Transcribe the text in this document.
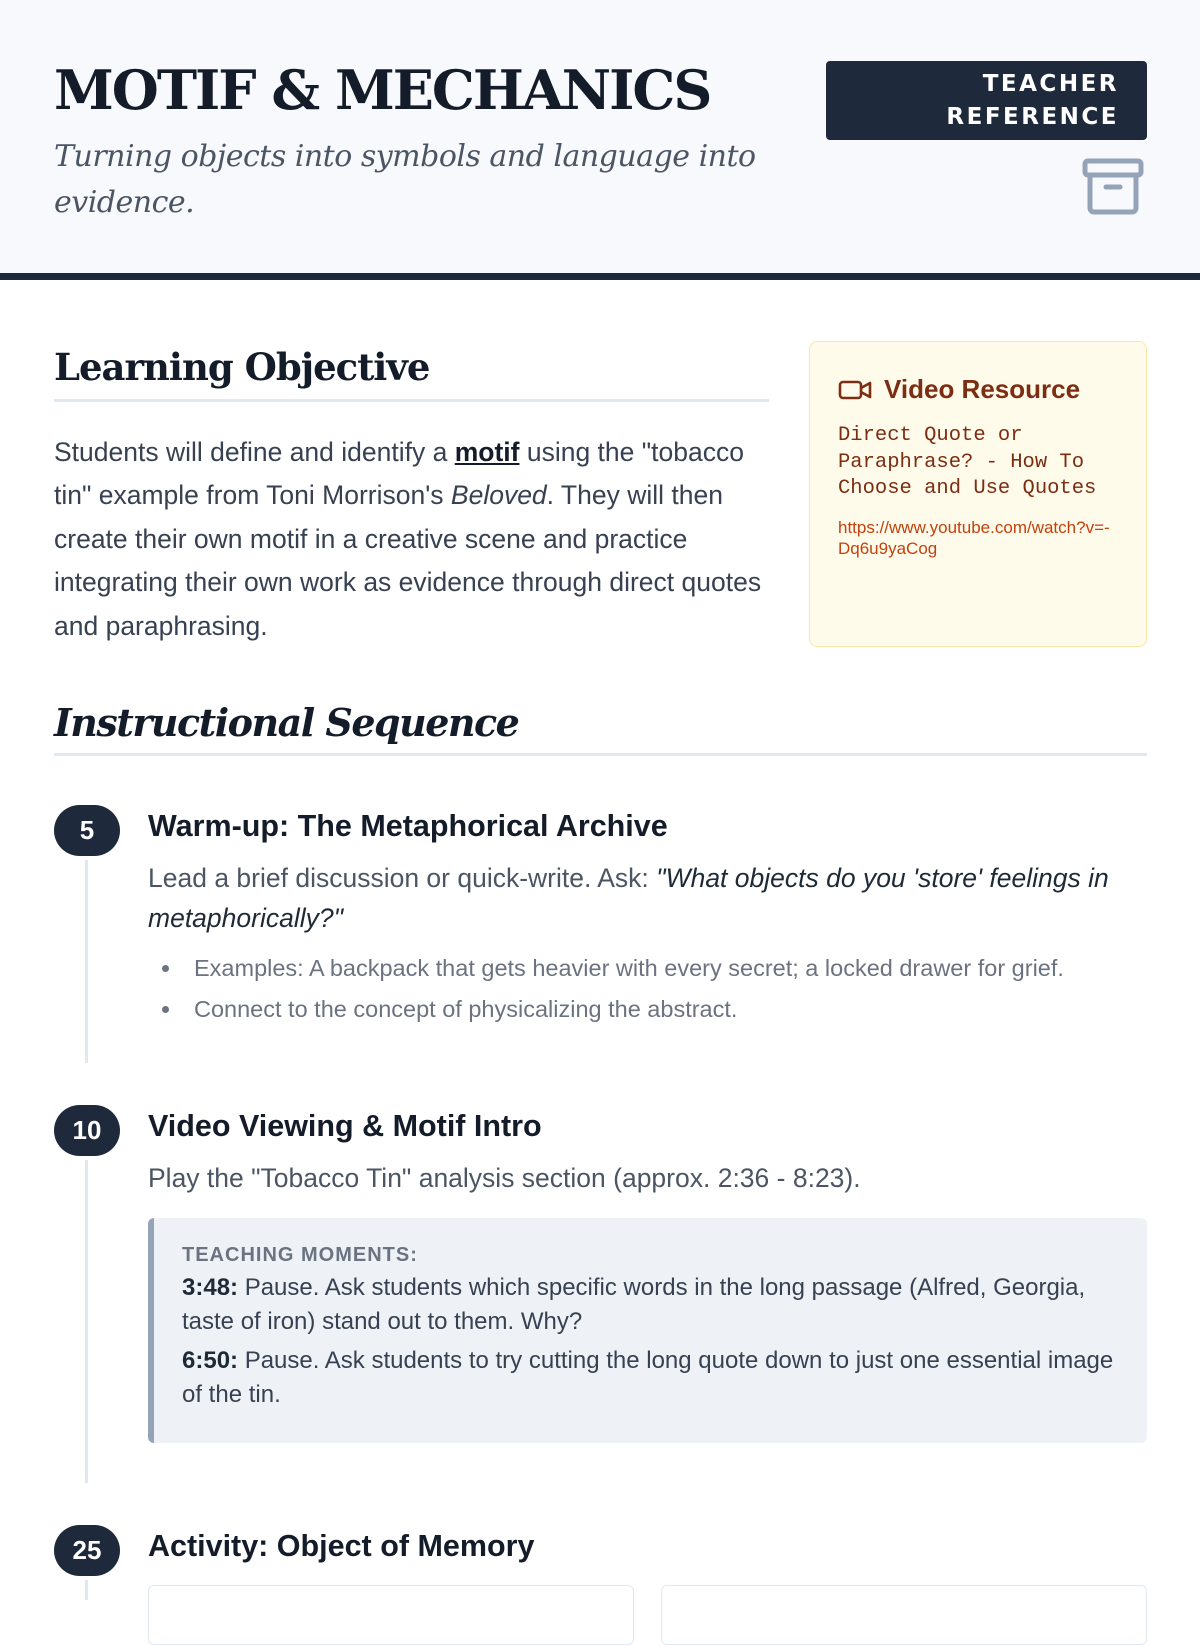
MOTIF & MECHANICS
Turning objects into symbols and language into evidence.
TEACHER REFERENCE
Learning Objective

Students will define and identify a motif using the "tobacco tin" example from Toni Morrison's Beloved. They will then create their own motif in a creative scene and practice integrating their own work as evidence through direct quotes and paraphrasing.

Video Resource
Direct Quote or Paraphrase? - How To Choose and Use Quotes
https://www.youtube.com/watch?v=-Dq6u9yaCog
Instructional Sequence
5	Warm-up: The Metaphorical Archive
Lead a brief discussion or quick-write. Ask: "What objects do you 'store' feelings in metaphorically?"
Examples: A backpack that gets heavier with every secret; a locked drawer for grief.
Connect to the concept of physicalizing the abstract.
10	Video Viewing & Motif Intro
Play the "Tobacco Tin" analysis section (approx. 2:36 - 8:23).
TEACHING MOMENTS:
3:48: Pause. Ask students which specific words in the long passage (Alfred, Georgia, taste of iron) stand out to them. Why?
6:50: Pause. Ask students to try cutting the long quote down to just one essential image of the tin.
25	Activity: Object of Memory
